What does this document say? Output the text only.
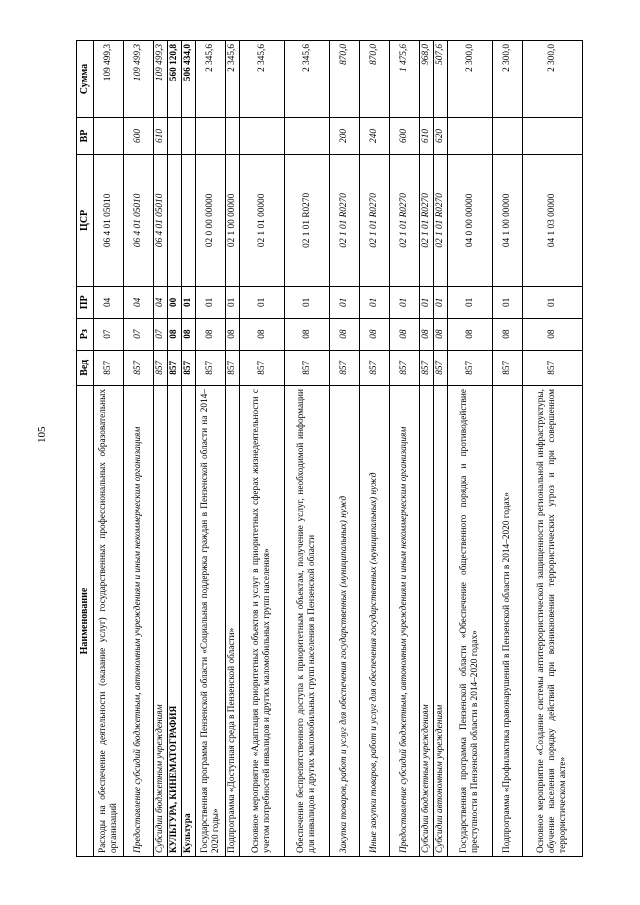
105
Наименование	Вед	Рз	ПР	ЦСР	ВР	Сумма
Расходы на обеспечение деятельности (оказание услуг) государственных профессиональных образовательных организаций	857	07	04	06 4 01 05010		109 499,3
Предоставление субсидий бюджетным, автономным учреждениям и иным некоммерческим организациям	857	07	04	06 4 01 05010	600	109 499,3
Субсидии бюджетным учреждениям	857	07	04	06 4 01 05010	610	109 499,3
КУЛЬТУРА, КИНЕМАТОГРАФИЯ	857	08	00			560 120,8
Культура	857	08	01			506 434,0
Государственная программа Пензенской области «Социальная поддержка граждан в Пензенской области на 2014–2020 годы»	857	08	01	02 0 00 00000		2 345,6
Подпрограмма «Доступная среда в Пензенской области»	857	08	01	02 1 00 00000		2 345,6
Основное мероприятие «Адаптация приоритетных объектов и услуг в приоритетных сферах жизнедеятельности с учетом потребностей инвалидов и других маломобильных групп населения»	857	08	01	02 1 01 00000		2 345,6
Обеспечение беспрепятственного доступа к приоритетным объектам, получение услуг, необходимой информации для инвалидов и других маломобильных групп населения в Пензенской области	857	08	01	02 1 01 R0270		2 345,6
Закупка товаров, работ и услуг для обеспечения государственных (муниципальных) нужд	857	08	01	02 1 01 R0270	200	870,0
Иные закупки товаров, работ и услуг для обеспечения государственных (муниципальных) нужд	857	08	01	02 1 01 R0270	240	870,0
Предоставление субсидий бюджетным, автономным учреждениям и иным некоммерческим организациям	857	08	01	02 1 01 R0270	600	1 475,6
Субсидии бюджетным учреждениям	857	08	01	02 1 01 R0270	610	968,0
Субсидии автономным учреждениям	857	08	01	02 1 01 R0270	620	507,6
Государственная программа Пензенской области «Обеспечение общественного порядка и противодействие преступности в Пензенской области в 2014–2020 годах»	857	08	01	04 0 00 00000		2 300,0
Подпрограмма «Профилактика правонарушений в Пензенской области в 2014–2020 годах»	857	08	01	04 1 00 00000		2 300,0
Основное мероприятие «Создание системы антитеррористической защищенности региональной инфраструктуры, обучение населения порядку действий при возникновении террористических угроз и при совершенном террористическом акте»	857	08	01	04 1 03 00000		2 300,0
